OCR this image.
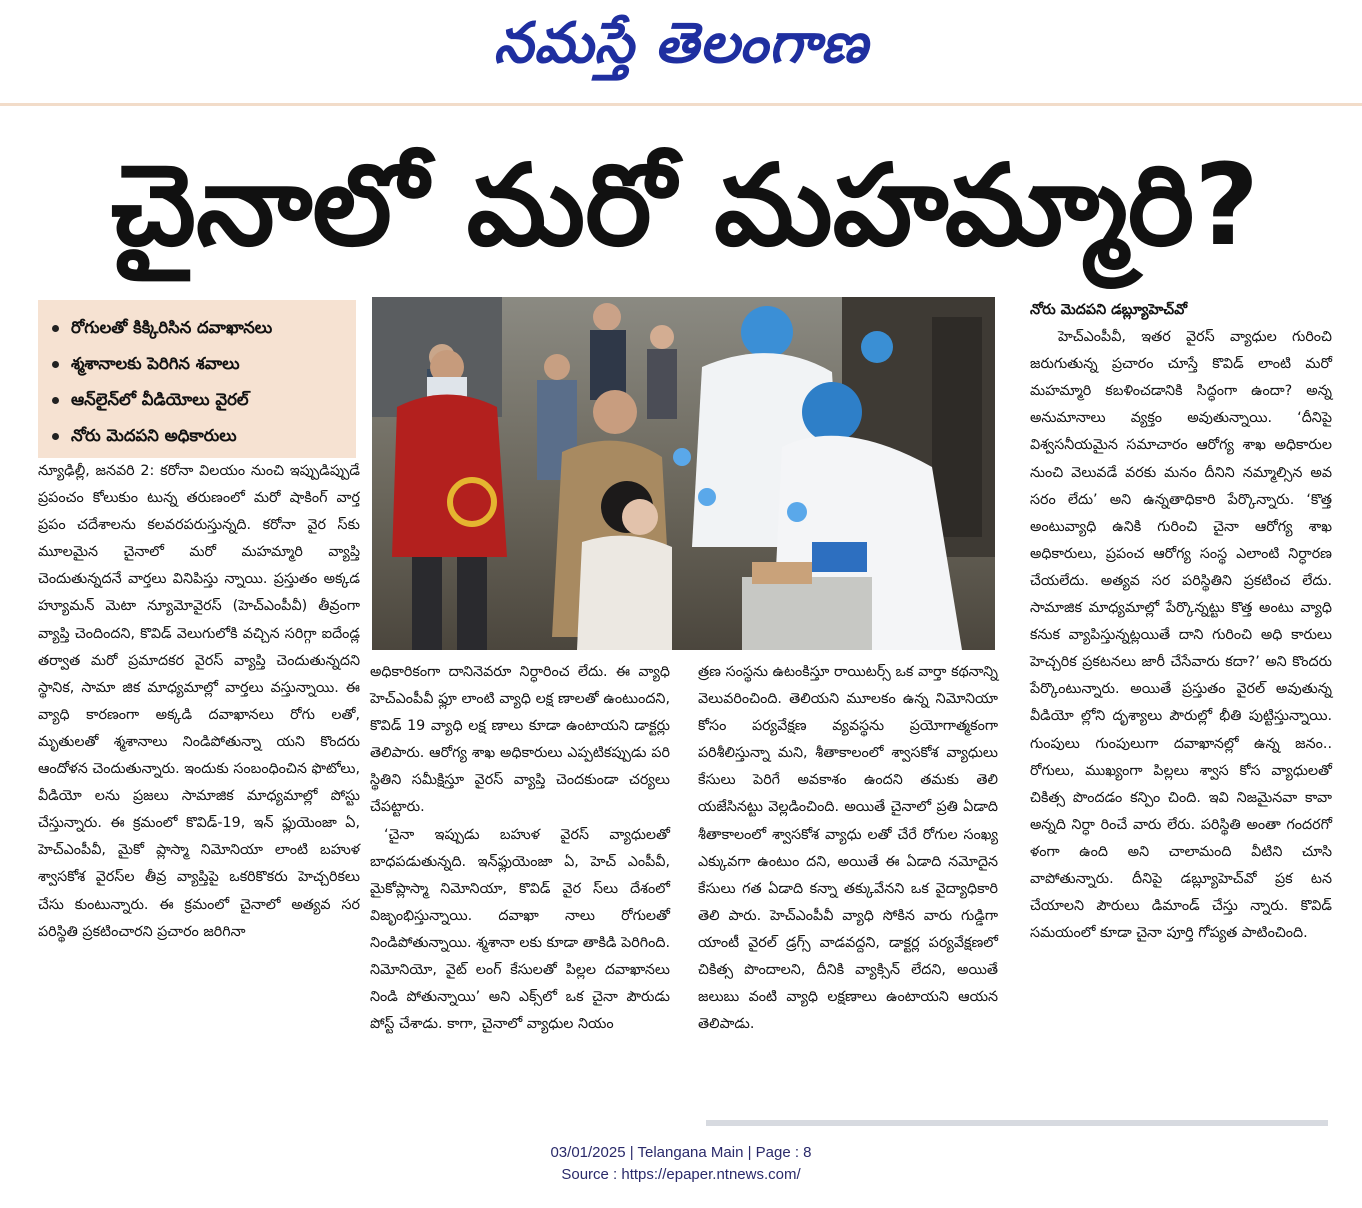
నమస్తే తెలంగాణ
చైనాలో మరో మహమ్మారి?
రోగులతో కిక్కిరిసిన దవాఖానలు
శ్మశానాలకు పెరిగిన శవాలు
ఆన్‌లైన్‌లో వీడియోలు వైరల్
నోరు మెదపని అధికారులు

న్యూఢిల్లీ, జనవరి 2: కరోనా విలయం నుంచి ఇప్పుడిప్పుడే ప్రపంచం కోలుకుం టున్న తరుణంలో మరో షాకింగ్ వార్త ప్రపం చదేశాలను కలవరపరుస్తున్నది. కరోనా వైర స్‌కు మూలమైన చైనాలో మరో మహమ్మారి వ్యాప్తి చెందుతున్నదనే వార్తలు వినిపిస్తు న్నాయి. ప్రస్తుతం అక్కడ హ్యూమన్ మెటా న్యూమోవైరస్ (హెచ్‌ఎంపీవీ) తీవ్రంగా వ్యాప్తి చెందిందని, కొవిడ్ వెలుగులోకి వచ్చిన సరిగ్గా ఐదేండ్ల తర్వాత మరో ప్రమాదకర వైరస్ వ్యాప్తి చెందుతున్నదని స్థానిక, సామా జిక మాధ్యమాల్లో వార్తలు వస్తున్నాయి. ఈ వ్యాధి కారణంగా అక్కడి దవాఖానలు రోగు లతో, మృతులతో శ్మశానాలు నిండిపోతున్నా యని కొందరు ఆందోళన చెందుతున్నారు. ఇందుకు సంబంధించిన ఫొటోలు, వీడియో లను ప్రజలు సామాజిక మాధ్యమాల్లో పోస్టు చేస్తున్నారు. ఈ క్రమంలో కొవిడ్-19, ఇన్ ఫ్లుయెంజా ఏ, హెచ్‌ఎంపీవీ, మైకో ప్లాస్మా నిమోనియా లాంటి బహుళ శ్వాసకోశ వైరస్‌ల తీవ్ర వ్యాప్తిపై ఒకరికొకరు హెచ్చరికలు చేసు కుంటున్నారు. ఈ క్రమంలో చైనాలో అత్యవ సర పరిస్థితి ప్రకటించారని ప్రచారం జరిగినా

అధికారికంగా దానినెవరూ నిర్ధారించ లేదు. ఈ వ్యాధి హెచ్‌ఎంపీవీ ఫ్లూ లాంటి వ్యాధి లక్ష ణాలతో ఉంటుందని, కొవిడ్ 19 వ్యాధి లక్ష ణాలు కూడా ఉంటాయని డాక్టర్లు తెలిపారు. ఆరోగ్య శాఖ అధికారులు ఎప్పటికప్పుడు పరి స్థితిని సమీక్షిస్తూ వైరస్ వ్యాప్తి చెందకుండా చర్యలు చేపట్టారు.

‘చైనా ఇప్పుడు బహుళ వైరస్ వ్యాధులతో బాధపడుతున్నది. ఇన్‌ఫ్లుయెంజా ఏ, హెచ్ ఎంపీవీ, మైకోప్లాస్మా నిమోనియా, కొవిడ్ వైర స్‌లు దేశంలో విజృంభిస్తున్నాయి. దవాఖా నాలు రోగులతో నిండిపోతున్నాయి. శ్మశానా లకు కూడా తాకిడి పెరిగింది. నిమోనియో, వైట్ లంగ్ కేసులతో పిల్లల దవాఖానలు నిండి పోతున్నాయి’ అని ఎక్స్‌లో ఒక చైనా పౌరుడు పోస్ట్ చేశాడు. కాగా, చైనాలో వ్యాధుల నియం

త్రణ సంస్థను ఉటంకిస్తూ రాయిటర్స్ ఒక వార్తా కథనాన్ని వెలువరించింది. తెలియని మూలకం ఉన్న నిమోనియా కోసం పర్యవేక్షణ వ్యవస్థను ప్రయోగాత్మకంగా పరిశీలిస్తున్నా మని, శీతాకాలంలో శ్వాసకోశ వ్యాధులు కేసులు పెరిగే అవకాశం ఉందని తమకు తెలి యజేసినట్టు వెల్లడించింది. అయితే చైనాలో ప్రతి ఏడాది శీతాకాలంలో శ్వాసకోశ వ్యాధు లతో చేరే రోగుల సంఖ్య ఎక్కువగా ఉంటుం దని, అయితే ఈ ఏడాది నమోదైన కేసులు గత ఏడాది కన్నా తక్కువేనని ఒక వైద్యాధికారి తెలి పారు. హెచ్‌ఎంపీవీ వ్యాధి సోకిన వారు గుడ్డిగా యాంటీ వైరల్ డ్రగ్స్ వాడవద్దని, డాక్టర్ల పర్యవేక్షణలో చికిత్స పొందాలని, దీనికి వ్యాక్సిన్ లేదని, అయితే జలుబు వంటి వ్యాధి లక్షణాలు ఉంటాయని ఆయన తెలిపాడు.

నోరు మెదపని డబ్ల్యూహెచ్‌వో

హెచ్‌ఎంపీవీ, ఇతర వైరస్ వ్యాధుల గురించి జరుగుతున్న ప్రచారం చూస్తే కొవిడ్ లాంటి మరో మహమ్మారి కబళించడానికి సిద్ధంగా ఉందా? అన్న అనుమానాలు వ్యక్తం అవుతున్నాయి. ‘దీనిపై విశ్వసనీయమైన సమాచారం ఆరోగ్య శాఖ అధికారుల నుంచి వెలువడే వరకు మనం దీనిని నమ్మాల్సిన అవ సరం లేదు’ అని ఉన్నతాధికారి పేర్కొన్నారు. ‘కొత్త అంటువ్యాధి ఉనికి గురించి చైనా ఆరోగ్య శాఖ అధికారులు, ప్రపంచ ఆరోగ్య సంస్థ ఎలాంటి నిర్ధారణ చేయలేదు. అత్యవ సర పరిస్థితిని ప్రకటించ లేదు. సామాజిక మాధ్యమాల్లో పేర్కొన్నట్టు కొత్త అంటు వ్యాధి కనుక వ్యాపిస్తున్నట్లయితే దాని గురించి అధి కారులు హెచ్చరిక ప్రకటనలు జారీ చేసేవారు కదా?’ అని కొందరు పేర్కొంటున్నారు. అయితే ప్రస్తుతం వైరల్ అవుతున్న వీడియో ల్లోని దృశ్యాలు పౌరుల్లో భీతి పుట్టిస్తున్నాయి. గుంపులు గుంపులుగా దవాఖానల్లో ఉన్న జనం.. రోగులు, ముఖ్యంగా పిల్లలు శ్వాస కోస వ్యాధులతో చికిత్స పొందడం కన్పిం చింది. ఇవి నిజమైనవా కావా అన్నది నిర్ధా రించే వారు లేరు. పరిస్థితి అంతా గందరగో ళంగా ఉంది అని చాలామంది వీటిని చూసి వాపోతున్నారు. దీనిపై డబ్ల్యూహెచ్‌వో ప్రక టన చేయాలని పౌరులు డిమాండ్ చేస్తు న్నారు. కొవిడ్ సమయంలో కూడా చైనా పూర్తి గోప్యత పాటించింది.

03/01/2025 | Telangana Main | Page : 8
Source : https://epaper.ntnews.com/
